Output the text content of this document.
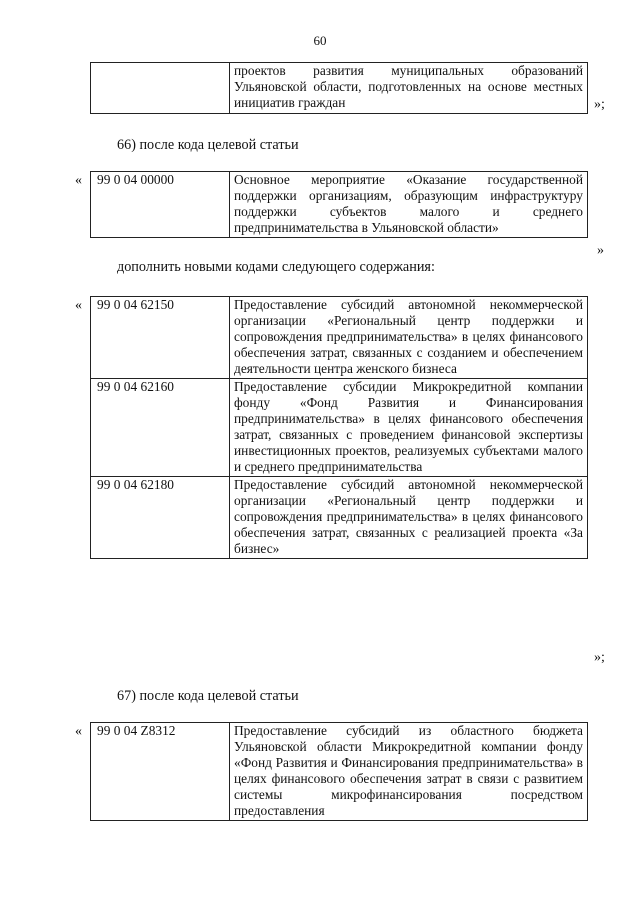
60
	проектов развития муниципальных образований Ульяновской области, подготовленных на основе местных инициатив граждан	»;
66) после кода целевой статьи
« 99 0 04 00000	Основное мероприятие «Оказание государственной поддержки организациям, образующим инфраструктуру поддержки субъектов малого и среднего предпринимательства в Ульяновской области»
»
дополнить новыми кодами следующего содержания:
« 99 0 04 62150	Предоставление субсидий автономной некоммерческой организации «Региональный центр поддержки и сопровождения предпринимательства» в целях финансового обеспечения затрат, связанных с созданием и обеспечением деятельности центра женского бизнеса
99 0 04 62160	Предоставление субсидии Микрокредитной компании фонду «Фонд Развития и Финансирования предпринимательства» в целях финансового обеспечения затрат, связанных с проведением финансовой экспертизы инвестиционных проектов, реализуемых субъектами малого и среднего предпринимательства
99 0 04 62180	Предоставление субсидий автономной некоммерческой организации «Региональный центр поддержки и сопровождения предпринимательства» в целях финансового обеспечения затрат, связанных с реализацией проекта «За бизнес»
»;
67) после кода целевой статьи
« 99 0 04 Z8312	Предоставление субсидий из областного бюджета Ульяновской области Микрокредитной компании фонду «Фонд Развития и Финансирования предпринимательства» в целях финансового обеспечения затрат в связи с развитием системы микрофинансирования посредством предоставления
